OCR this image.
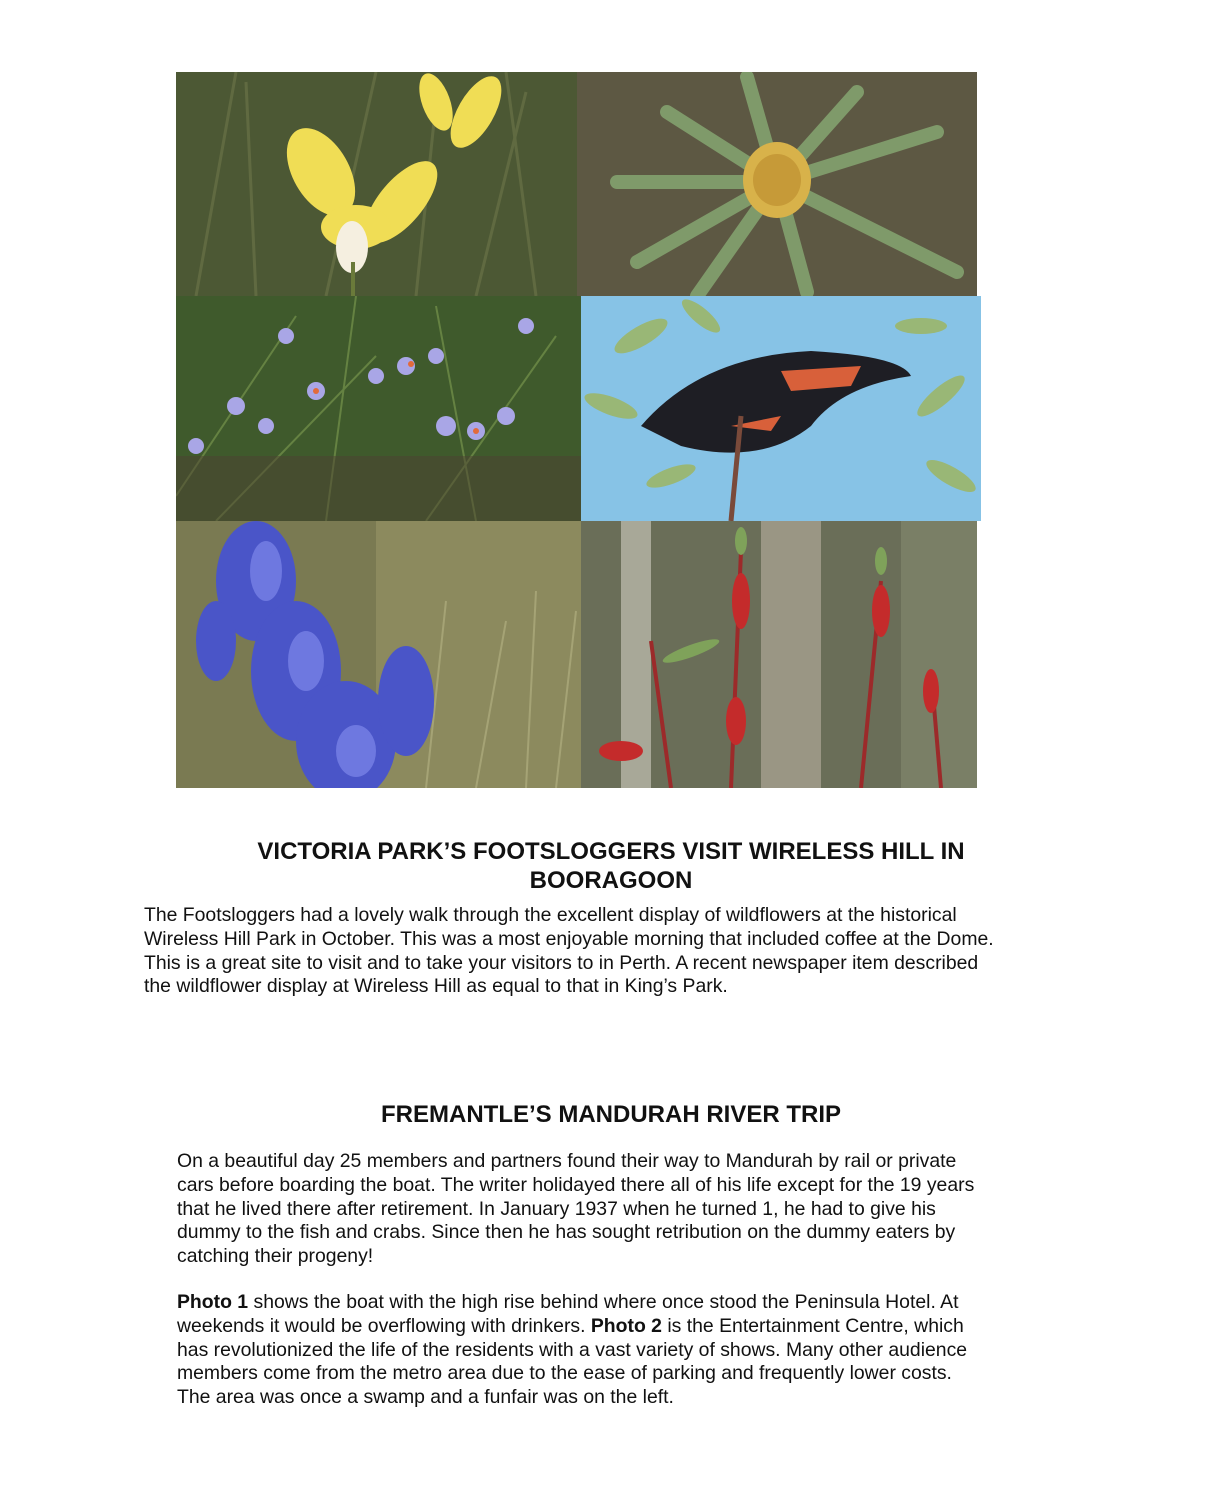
VICTORIA PARK’S FOOTSLOGGERS VISIT WIRELESS HILL IN
BOORAGOON

The Footsloggers had a lovely walk through the excellent display of wildflowers at the historical
Wireless Hill Park in October. This was a most enjoyable morning that included coffee at the Dome.
This is a great site to visit and to take your visitors to in Perth. A recent newspaper item described
the wildflower display at Wireless Hill as equal to that in King’s Park.

FREMANTLE’S MANDURAH RIVER TRIP

On a beautiful day 25 members and partners found their way to Mandurah by rail or private
cars before boarding the boat. The writer holidayed there all of his life except for the 19 years
that he lived there after retirement. In January 1937 when he turned 1, he had to give his
dummy to the fish and crabs. Since then he has sought retribution on the dummy eaters by
catching their progeny!

Photo 1 shows the boat with the high rise behind where once stood the Peninsula Hotel. At
weekends it would be overflowing with drinkers. Photo 2 is the Entertainment Centre, which
has revolutionized the life of the residents with a vast variety of shows. Many other audience
members come from the metro area due to the ease of parking and frequently lower costs.
The area was once a swamp and a funfair was on the left.
